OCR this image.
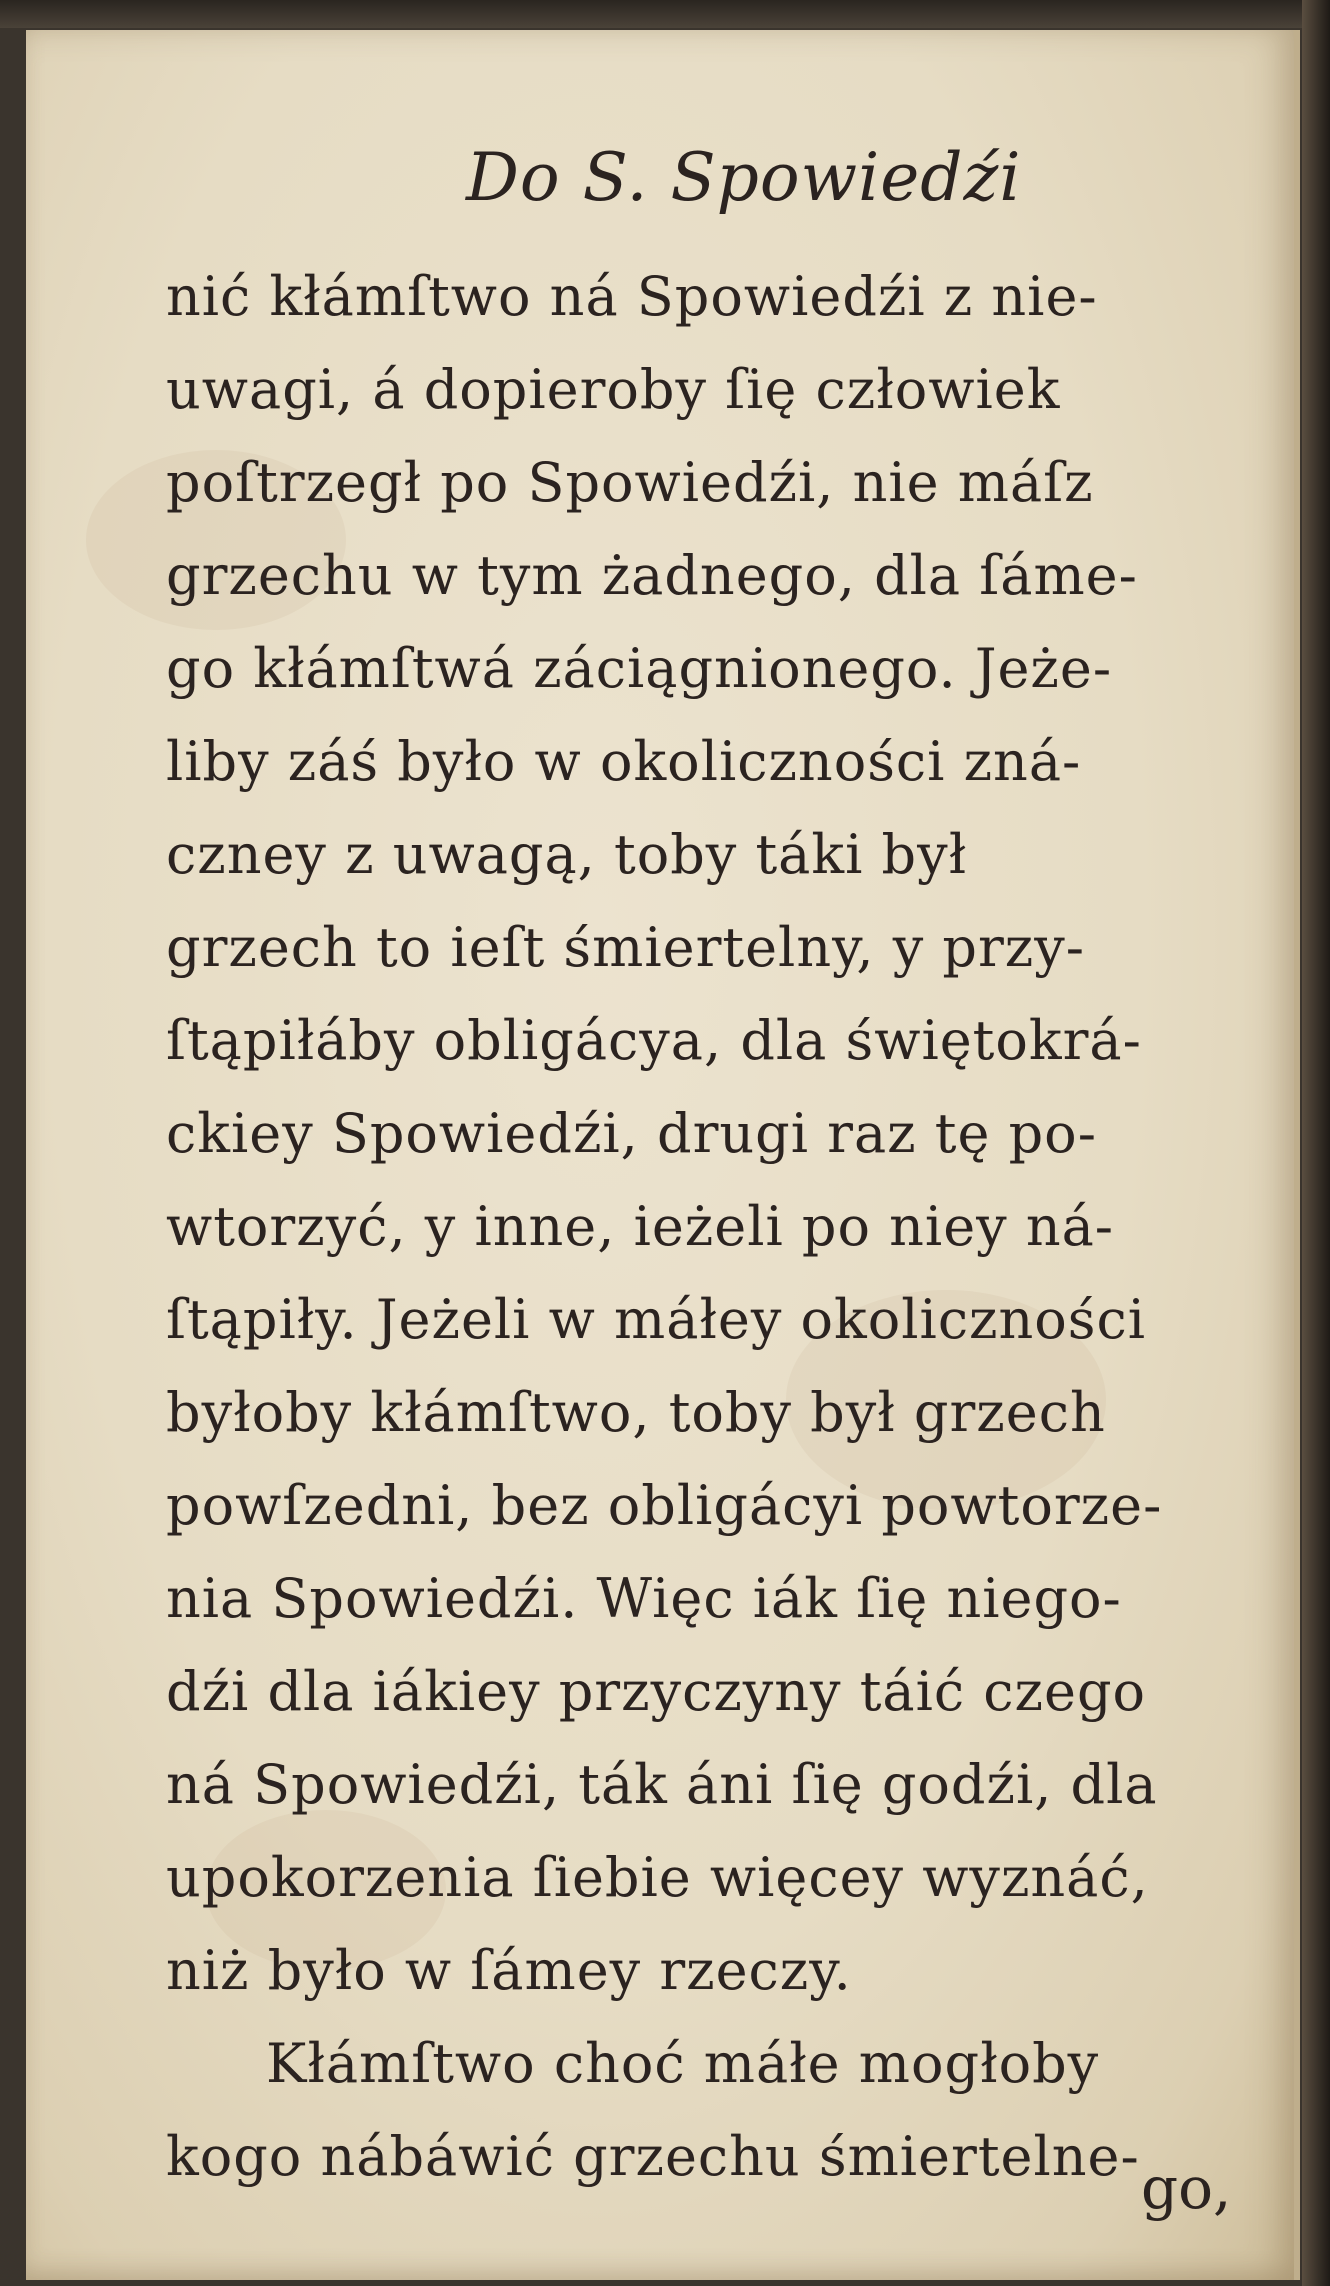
Do S. Spowiedźi
nić kłámſtwo ná Spowiedźi z nie-
uwagi, á dopieroby ſię człowiek
poſtrzegł po Spowiedźi, nie máſz
grzechu w tym żadnego, dla ſáme-
go kłámſtwá záciągnionego. Jeże-
liby záś było w okoliczności zná-
czney z uwagą, toby táki był
grzech to ieſt śmiertelny, y przy-
ſtąpiłáby obligácya, dla świętokrá-
ckiey Spowiedźi, drugi raz tę po-
wtorzyć, y inne, ieżeli po niey ná-
ſtąpiły. Jeżeli w máłey okoliczności
byłoby kłámſtwo, toby był grzech
powſzedni, bez obligácyi powtorze-
nia Spowiedźi. Więc iák ſię niego-
dźi dla iákiey przyczyny táić czego
ná Spowiedźi, ták áni ſię godźi, dla
upokorzenia ſiebie więcey wyznáć,
niż było w ſámey rzeczy.
Kłámſtwo choć máłe mogłoby
kogo nábáwić grzechu śmiertelne- go,
